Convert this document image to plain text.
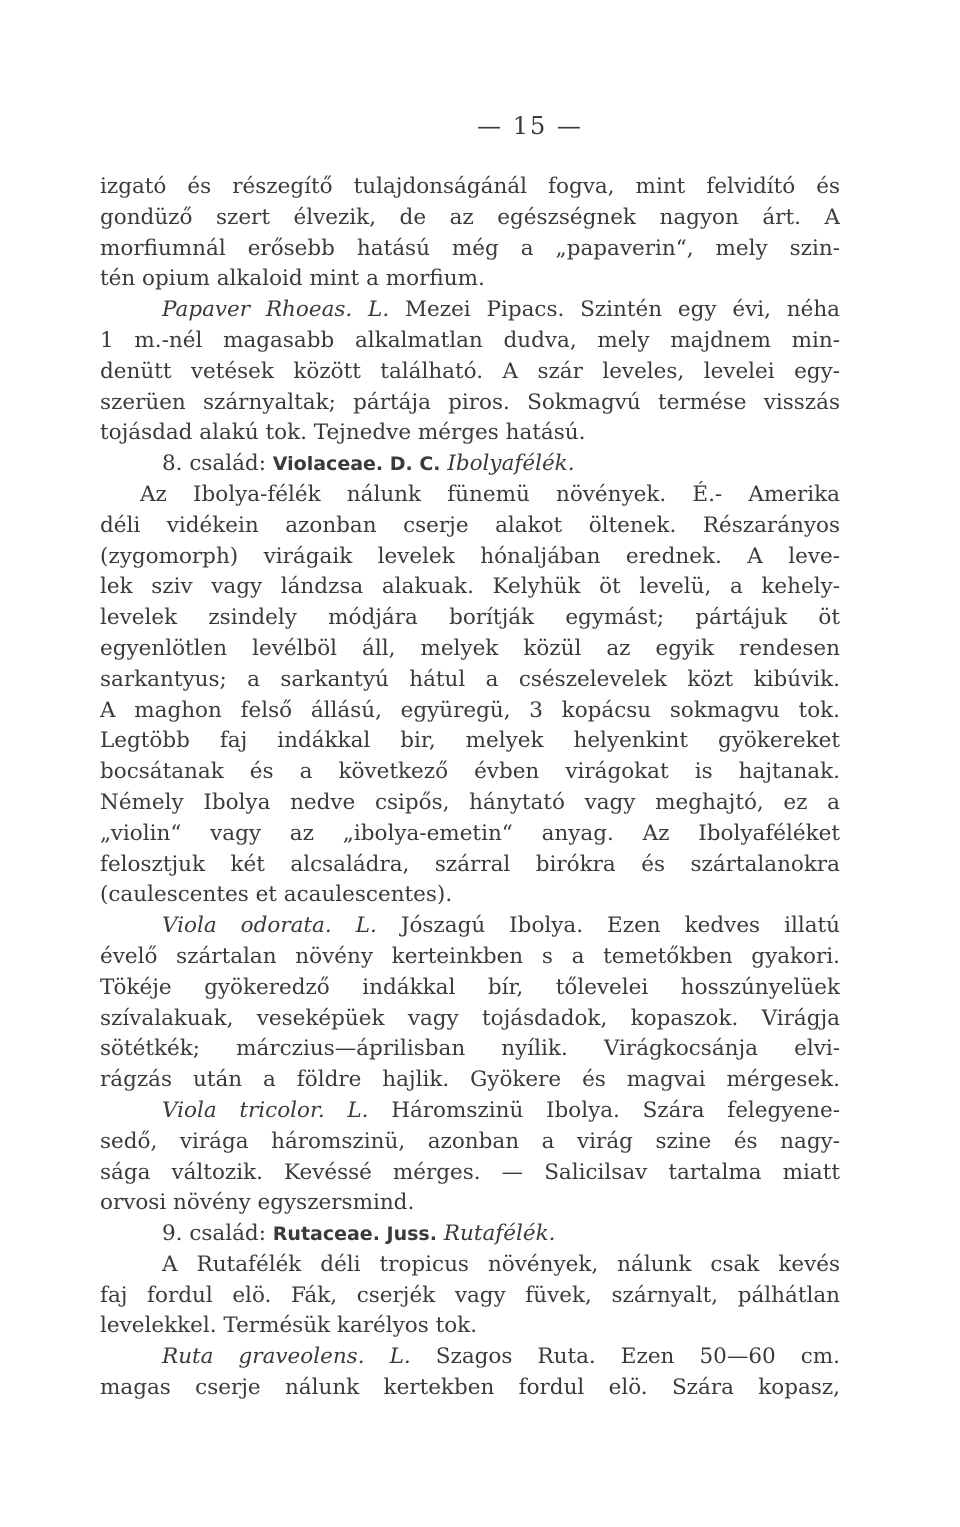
— 15 —
izgató és részegítő tulajdonságánál fogva, mint felvidító és
gondüző szert élvezik, de az egészségnek nagyon árt. A
morfiumnál erősebb hatású még a „papaverin“, mely szin-
tén opium alkaloid mint a morfium.
Papaver Rhoeas. L. Mezei Pipacs. Szintén egy évi, néha
1 m.-nél magasabb alkalmatlan dudva, mely majdnem min-
denütt vetések között található. A szár leveles, levelei egy-
szerüen szárnyaltak; pártája piros. Sokmagvú termése visszás
tojásdad alakú tok. Tejnedve mérges hatású.
8. család: Violaceae. D. C. Ibolyafélék.
Az Ibolya-félék nálunk fünemü növények. É.- Amerika
déli vidékein azonban cserje alakot öltenek. Részarányos
(zygomorph) virágaik levelek hónaljában erednek. A leve-
lek sziv vagy lándzsa alakuak. Kelyhük öt levelü, a kehely-
levelek zsindely módjára borítják egymást; pártájuk öt
egyenlötlen levélböl áll, melyek közül az egyik rendesen
sarkantyus; a sarkantyú hátul a csészelevelek közt kibúvik.
A maghon felső állású, együregü, 3 kopácsu sokmagvu tok.
Legtöbb faj indákkal bir, melyek helyenkint gyökereket
bocsátanak és a következő évben virágokat is hajtanak.
Némely Ibolya nedve csipős, hánytató vagy meghajtó, ez a
„violin“ vagy az „ibolya-emetin“ anyag. Az Ibolyaféléket
felosztjuk két alcsaládra, szárral birókra és szártalanokra
(caulescentes et acaulescentes).
Viola odorata. L. Jószagú Ibolya. Ezen kedves illatú
évelő szártalan növény kerteinkben s a temetőkben gyakori.
Tökéje gyökeredző indákkal bír, tőlevelei hosszúnyelüek
szívalakuak, veseképüek vagy tojásdadok, kopaszok. Virágja
sötétkék; márczius—áprilisban nyílik. Virágkocsánja elvi-
rágzás után a földre hajlik. Gyökere és magvai mérgesek.
Viola tricolor. L. Háromszinü Ibolya. Szára felegyene-
sedő, virága háromszinü, azonban a virág szine és nagy-
sága változik. Kevéssé mérges. — Salicilsav tartalma miatt
orvosi növény egyszersmind.
9. család: Rutaceae. Juss. Rutafélék.
A Rutafélék déli tropicus növények, nálunk csak kevés
faj fordul elö. Fák, cserjék vagy füvek, szárnyalt, pálhátlan
levelekkel. Termésük karélyos tok.
Ruta graveolens. L. Szagos Ruta. Ezen 50—60 cm.
magas cserje nálunk kertekben fordul elö. Szára kopasz,
